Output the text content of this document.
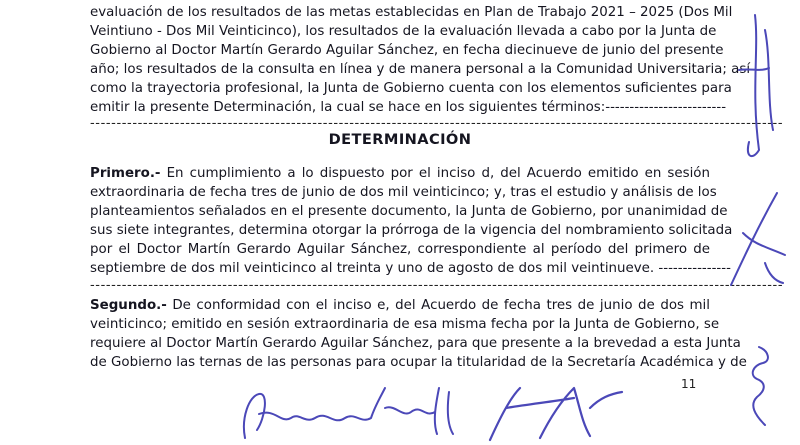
evaluación de los resultados de las metas establecidas en Plan de Trabajo 2021 – 2025 (Dos Mil
Veintiuno - Dos Mil Veinticinco), los resultados de la evaluación llevada a cabo por la Junta de
Gobierno al Doctor Martín Gerardo Aguilar Sánchez, en fecha diecinueve de junio del presente
año; los resultados de la consulta en línea y de manera personal a la Comunidad Universitaria; así
como la trayectoria profesional, la Junta de Gobierno cuenta con los elementos suficientes para
emitir la presente Determinación, la cual se hace en los siguientes términos:-------------------------
-----------------------------------------------------------------------------------------------------------------------------------
DETERMINACIÓN
Primero.- En cumplimiento a lo dispuesto por el inciso d, del Acuerdo emitido en sesión
extraordinaria de fecha tres de junio de dos mil veinticinco; y, tras el estudio y análisis de los
planteamientos señalados en el presente documento, la Junta de Gobierno, por unanimidad de
sus siete integrantes, determina otorgar la prórroga de la vigencia del nombramiento solicitada
por el Doctor Martín Gerardo Aguilar Sánchez, correspondiente al período del primero de
septiembre de dos mil veinticinco al treinta y uno de agosto de dos mil veintinueve. ---------------
-----------------------------------------------------------------------------------------------------------------------------------
Segundo.- De conformidad con el inciso e, del Acuerdo de fecha tres de junio de dos mil
veinticinco; emitido en sesión extraordinaria de esa misma fecha por la Junta de Gobierno, se
requiere al Doctor Martín Gerardo Aguilar Sánchez, para que presente a la brevedad a esta Junta
de Gobierno las ternas de las personas para ocupar la titularidad de la Secretaría Académica y de
11
